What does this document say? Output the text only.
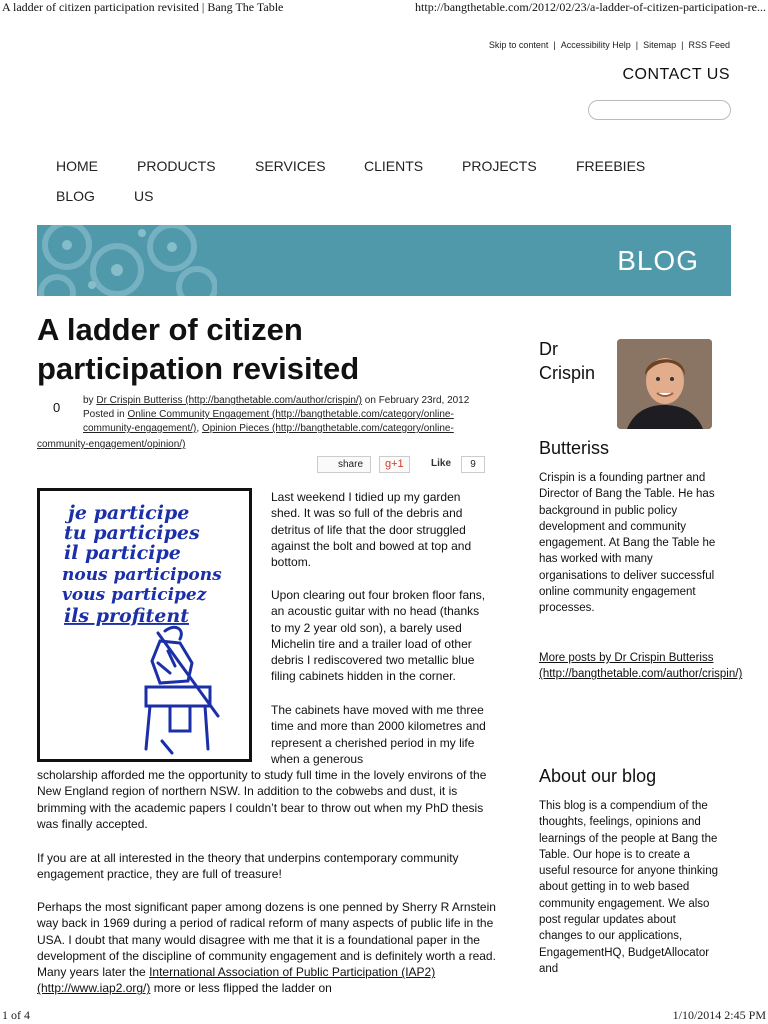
A ladder of citizen participation revisited | Bang The Table	http://bangthetable.com/2012/02/23/a-ladder-of-citizen-participation-re...
Skip to content | Accessibility Help | Sitemap | RSS Feed
CONTACT US
HOME	PRODUCTS	SERVICES	CLIENTS	PROJECTS	FREEBIES
BLOG	US
BLOG
A ladder of citizen participation revisited
0 by Dr Crispin Butteriss (http://bangthetable.com/author/crispin/) on February 23rd, 2012
Posted in Online Community Engagement (http://bangthetable.com/category/online-community-engagement/), Opinion Pieces (http://bangthetable.com/category/online-
community-engagement/opinion/)
share	g+1	Like	9
je participe
tu participes
il participe
nous participons
vous participez
ils profitent

Last weekend I tidied up my garden shed. It was so full of the debris and detritus of life that the door struggled against the bolt and bowed at top and bottom.

Upon clearing out four broken floor fans, an acoustic guitar with no head (thanks to my 2 year old son), a barely used Michelin tire and a trailer load of other debris I rediscovered two metallic blue filing cabinets hidden in the corner.

The cabinets have moved with me three time and more than 2000 kilometres and represent a cherished period in my life when a generous

scholarship afforded me the opportunity to study full time in the lovely environs of the New England region of northern NSW. In addition to the cobwebs and dust, it is brimming with the academic papers I couldn’t bear to throw out when my PhD thesis was finally accepted.

If you are at all interested in the theory that underpins contemporary community engagement practice, they are full of treasure!

Perhaps the most significant paper among dozens is one penned by Sherry R Arnstein way back in 1969 during a period of radical reform of many aspects of public life in the USA. I doubt that many would disagree with me that it is a foundational paper in the development of the discipline of community engagement and is definitely worth a read. Many years later the International Association of Public Participation (IAP2) (http://www.iap2.org/) more or less flipped the ladder on

Dr Crispin
Butteriss

Crispin is a founding partner and Director of Bang the Table. He has background in public policy development and community engagement. At Bang the Table he has worked with many organisations to deliver successful online community engagement processes.

More posts by Dr Crispin Butteriss (http://bangthetable.com/author/crispin/)

About our blog

This blog is a compendium of the thoughts, feelings, opinions and learnings of the people at Bang the Table. Our hope is to create a useful resource for anyone thinking about getting in to web based community engagement. We also post regular updates about changes to our applications, EngagementHQ, BudgetAllocator and

1 of 4	1/10/2014 2:45 PM
